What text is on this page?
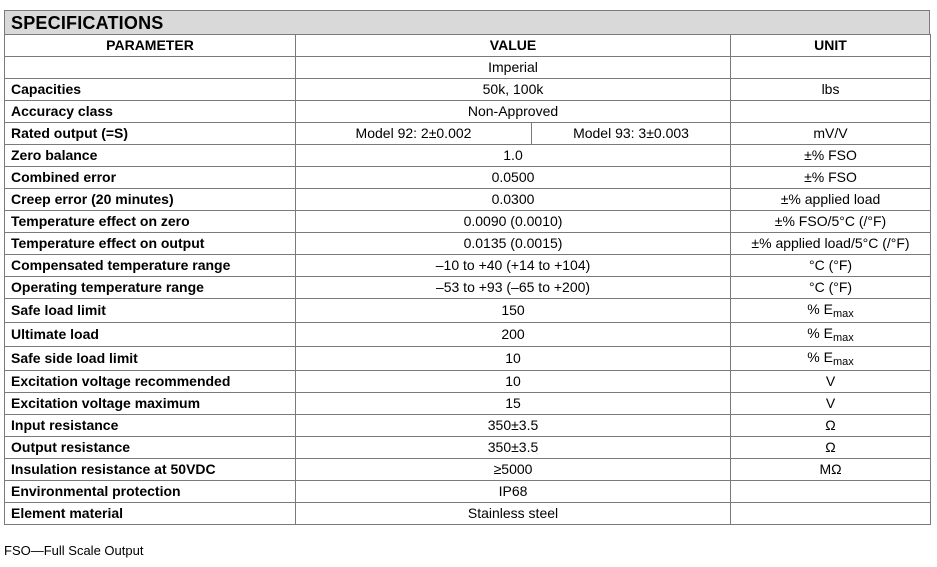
SPECIFICATIONS
PARAMETER	VALUE		UNIT
	Imperial		
Capacities	50k, 100k		lbs
Accuracy class	Non-Approved		
Rated output (=S)	Model 92: 2±0.002	Model 93: 3±0.003	mV/V
Zero balance	1.0		±% FSO
Combined error	0.0500		±% FSO
Creep error (20 minutes)	0.0300		±% applied load
Temperature effect on zero	0.0090 (0.0010)		±% FSO/5°C (/°F)
Temperature effect on output	0.0135 (0.0015)		±% applied load/5°C (/°F)
Compensated temperature range	–10 to +40 (+14 to +104)		°C (°F)
Operating temperature range	–53 to +93 (–65 to +200)		°C (°F)
Safe load limit	150		% $E_{max}$
Ultimate load	200		% $E_{max}$
Safe side load limit	10		% $E_{max}$
Excitation voltage recommended	10		V
Excitation voltage maximum	15		V
Input resistance	350±3.5		Ω
Output resistance	350±3.5		Ω
Insulation resistance at 50VDC	≥5000		MΩ
Environmental protection	IP68		
Element material	Stainless steel		
FSO—Full Scale Output
